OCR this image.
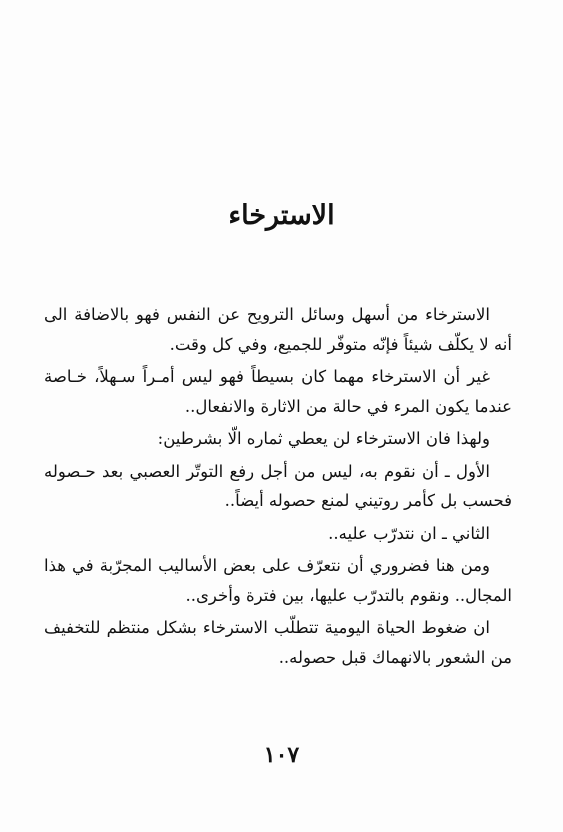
الاسترخاء

الاسترخاء من أسهل وسائل الترويح عن النفس فهو بالاضافة الى أنه لا يكلّف شيئاً فإنّه متوفّر للجميع، وفي كل وقت.

غير أن الاسترخاء مهما كان بسيطاً فهو ليس أمـراً سـهلاً، خـاصة عندما يكون المرء في حالة من الاثارة والانفعال..

ولهذا فان الاسترخاء لن يعطي ثماره الّا بشرطين:

الأول ـ أن نقوم به، ليس من أجل رفع التوتّر العصبي بعد حـصوله فحسب بل كأمر روتيني لمنع حصوله أيضاً..

الثاني ـ ان نتدرّب عليه..

ومن هنا فضروري أن نتعرّف على بعض الأساليب المجرّبة في هذا المجال.. ونقوم بالتدرّب عليها، بين فترة وأخرى..

ان ضغوط الحياة اليومية تتطلّب الاسترخاء بشكل منتظم للتخفيف من الشعور بالانهماك قبل حصوله..

١٠٧
